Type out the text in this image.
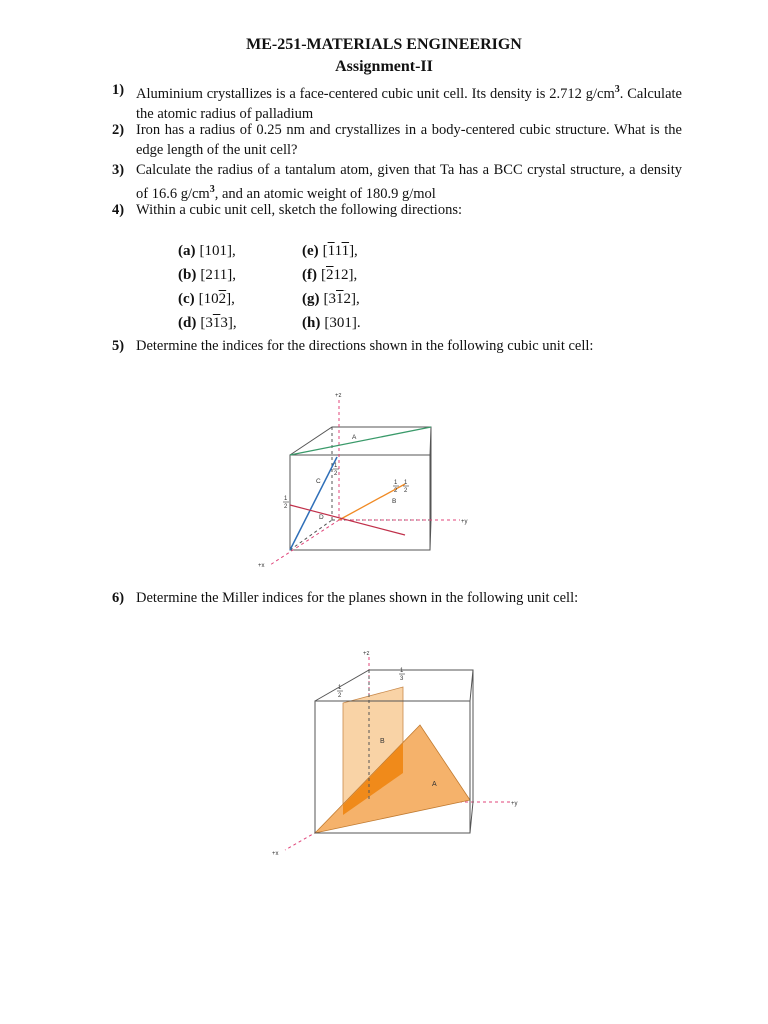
ME-251-MATERIALS ENGINEERIGN
Assignment-II
1) Aluminium crystallizes is a face-centered cubic unit cell. Its density is 2.712 $g/cm^3$. Calculate the atomic radius of palladium
2) Iron has a radius of 0.25 nm and crystallizes in a body-centered cubic structure. What is the edge length of the unit cell?
3) Calculate the radius of a tantalum atom, given that Ta has a BCC crystal structure, a density of 16.6 $g/cm^3$, and an atomic weight of 180.9 g/mol
4) Within a cubic unit cell, sketch the following directions:
(a) [101],	(e) [111],
(b) [211],	(f) [212],
(c) [102],	(g) [312],
(d) [313],	(h) [301].
5) Determine the indices for the directions shown in the following cubic unit cell:
+z
+y
+x
A
C
B
D
1
2
1
2
1
2
1
2
6) Determine the Miller indices for the planes shown in the following unit cell:
+z
+y
+x
B
A
1
2
1
3
